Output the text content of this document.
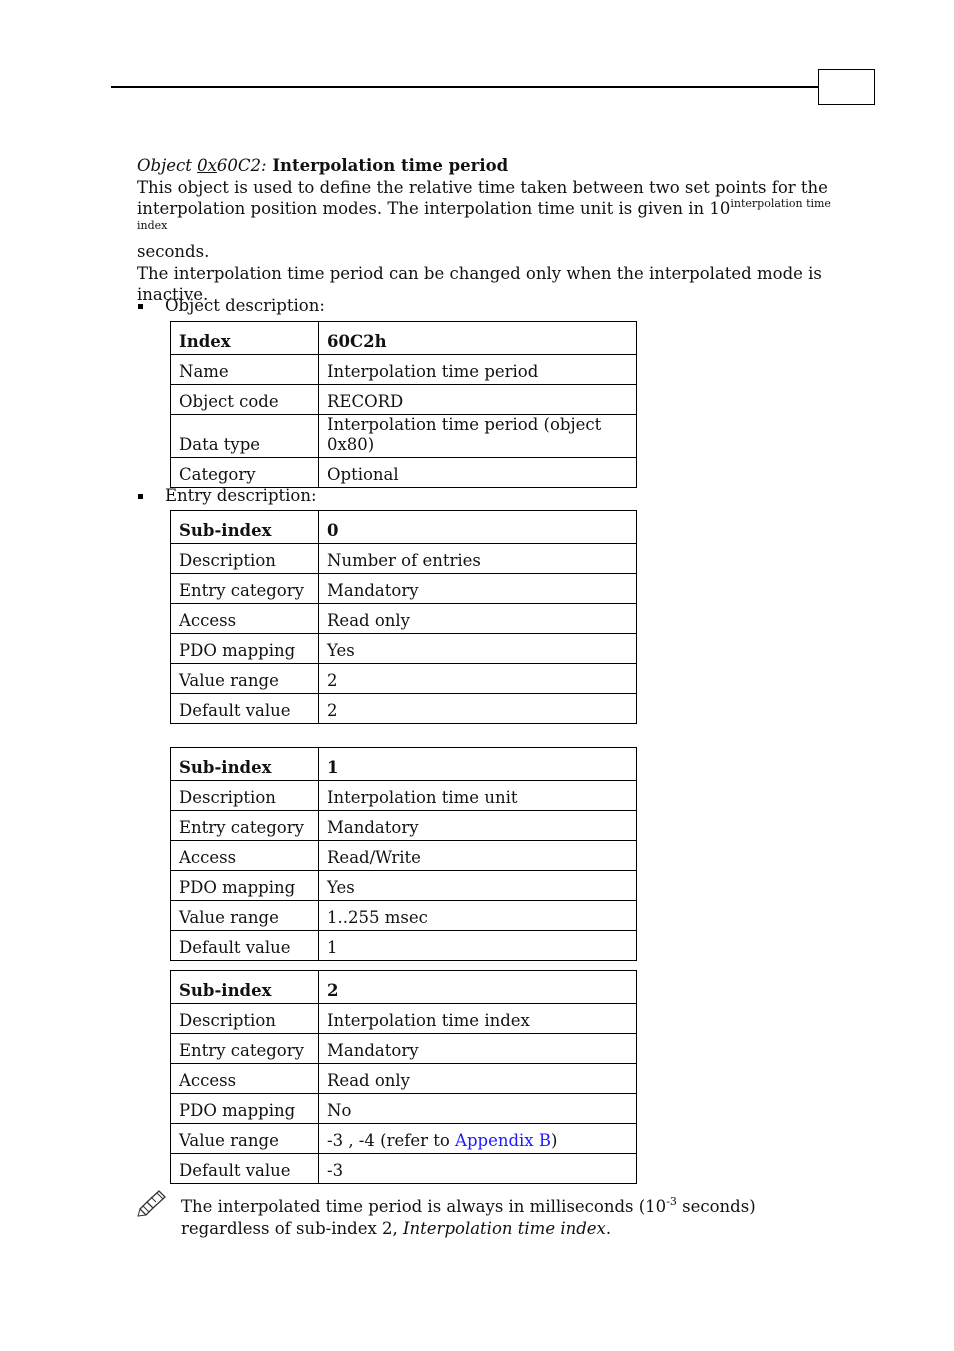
Object 0x60C2: Interpolation time period

This object is used to define the relative time taken between two set points for the interpolation position modes. The interpolation time unit is given in $10^{interpolation time index}$
seconds.

The interpolation time period can be changed only when the interpolated mode is inactive.

Object description:
Index	60C2h
Name	Interpolation time period
Object code	RECORD
Data type	Interpolation time period (object 0x80)
Category	Optional
Entry description:
Sub-index	0
Description	Number of entries
Entry category	Mandatory
Access	Read only
PDO mapping	Yes
Value range	2
Default value	2
Sub-index	1
Description	Interpolation time unit
Entry category	Mandatory
Access	Read/Write
PDO mapping	Yes
Value range	1..255 msec
Default value	1
Sub-index	2
Description	Interpolation time index
Entry category	Mandatory
Access	Read only
PDO mapping	No
Value range	-3 , -4 (refer to Appendix B)
Default value	-3
The interpolated time period is always in milliseconds ($10^{-3}$ seconds) regardless of sub-index 2, Interpolation time index.
